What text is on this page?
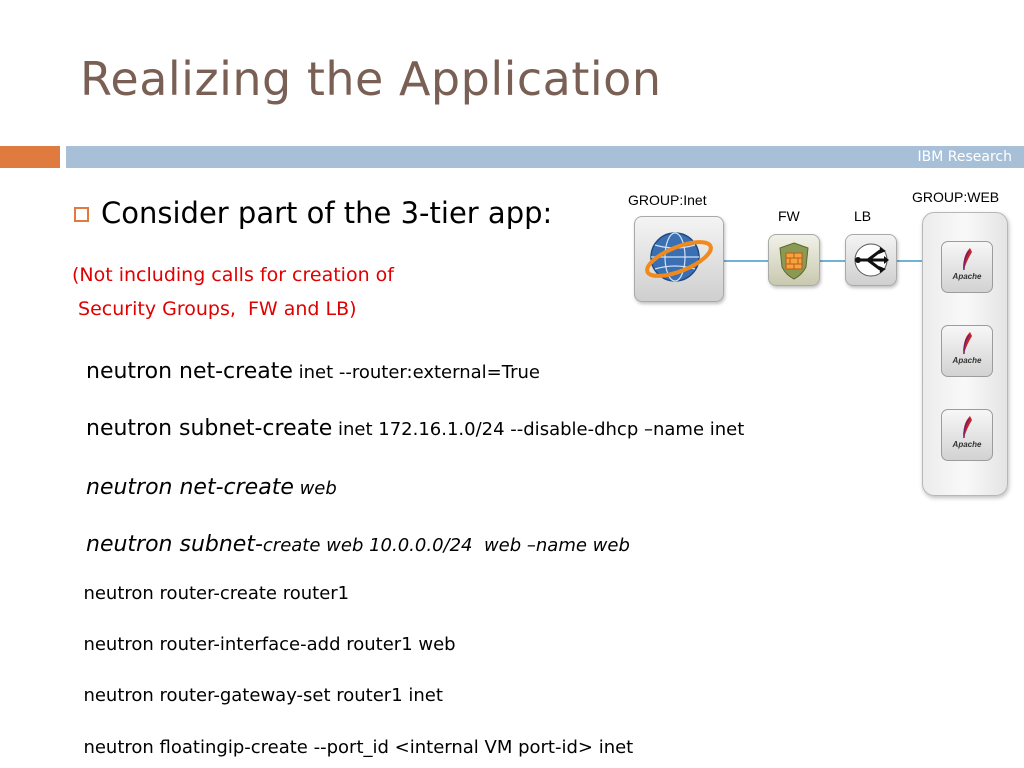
Realizing the Application
IBM Research
Consider part of the 3-tier app:
(Not including calls for creation of
Security Groups,  FW and LB)

neutron net-create inet --router:external=True

neutron subnet-create inet 172.16.1.0/24 --disable-dhcp –name inet

neutron net-create web

neutron subnet-create web 10.0.0.0/24  web –name web

neutron router-create router1

neutron router-interface-add router1 web

neutron router-gateway-set router1 inet

neutron floatingip-create --port_id <internal VM port-id> inet

GROUP:Inet
FW	LB
GROUP:WEB
Apache
Apache
Apache
